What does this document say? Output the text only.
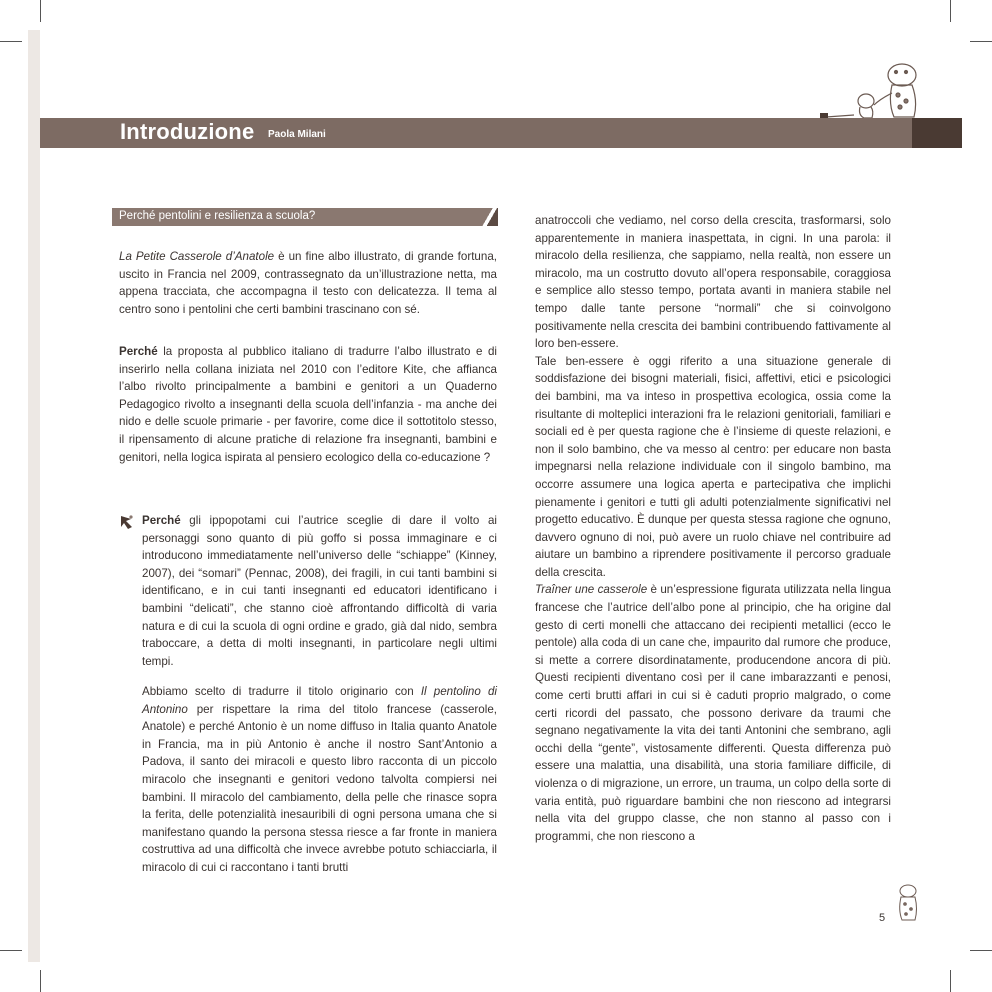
Introduzione Paola Milani
Perché pentolini e resilienza a scuola?

La Petite Casserole d’Anatole è un fine albo illustrato, di grande fortuna, uscito in Francia nel 2009, contrassegnato da un’illustrazione netta, ma appena tracciata, che accompagna il testo con delicatezza. Il tema al centro sono i pentolini che certi bambini trascinano con sé.

Perché la proposta al pubblico italiano di tradurre l’albo illustrato e di inserirlo nella collana iniziata nel 2010 con l’editore Kite, che affianca l’albo rivolto principalmente a bambini e genitori a un Quaderno Pedagogico rivolto a insegnanti della scuola dell’infanzia - ma anche dei nido e delle scuole primarie - per favorire, come dice il sottotitolo stesso, il ripensamento di alcune pratiche di relazione fra insegnanti, bambini e genitori, nella logica ispirata al pensiero ecologico della co-educazione ?

Perché gli ippopotami cui l’autrice sceglie di dare il volto ai personaggi sono quanto di più goffo si possa immaginare e ci introducono immediatamente nell’universo delle “schiappe” (Kinney, 2007), dei “somari” (Pennac, 2008), dei fragili, in cui tanti bambini si identificano, e in cui tanti insegnanti ed educatori identificano i bambini “delicati”, che stanno cioè affrontando difficoltà di varia natura e di cui la scuola di ogni ordine e grado, già dal nido, sembra traboccare, a detta di molti insegnanti, in particolare negli ultimi tempi.

Abbiamo scelto di tradurre il titolo originario con Il pentolino di Antonino per rispettare la rima del titolo francese (casserole, Anatole) e perché Antonio è un nome diffuso in Italia quanto Anatole in Francia, ma in più Antonio è anche il nostro Sant’Antonio a Padova, il santo dei miracoli e questo libro racconta di un piccolo miracolo che insegnanti e genitori vedono talvolta compiersi nei bambini. Il miracolo del cambiamento, della pelle che rinasce sopra la ferita, delle potenzialità inesauribili di ogni persona umana che si manifestano quando la persona stessa riesce a far fronte in maniera costruttiva ad una difficoltà che invece avrebbe potuto schiacciarla, il miracolo di cui ci raccontano i tanti brutti

anatroccoli che vediamo, nel corso della crescita, trasformarsi, solo apparentemente in maniera inaspettata, in cigni. In una parola: il miracolo della resilienza, che sappiamo, nella realtà, non essere un miracolo, ma un costrutto dovuto all’opera responsabile, coraggiosa e semplice allo stesso tempo, portata avanti in maniera stabile nel tempo dalle tante persone “normali” che si coinvolgono positivamente nella crescita dei bambini contribuendo fattivamente al loro ben-essere.

Tale ben-essere è oggi riferito a una situazione generale di soddisfazione dei bisogni materiali, fisici, affettivi, etici e psicologici dei bambini, ma va inteso in prospettiva ecologica, ossia come la risultante di molteplici interazioni fra le relazioni genitoriali, familiari e sociali ed è per questa ragione che è l’insieme di queste relazioni, e non il solo bambino, che va messo al centro: per educare non basta impegnarsi nella relazione individuale con il singolo bambino, ma occorre assumere una logica aperta e partecipativa che implichi pienamente i genitori e tutti gli adulti potenzialmente significativi nel progetto educativo. È dunque per questa stessa ragione che ognuno, davvero ognuno di noi, può avere un ruolo chiave nel contribuire ad aiutare un bambino a riprendere positivamente il percorso graduale della crescita.

Traîner une casserole è un’espressione figurata utilizzata nella lingua francese che l’autrice dell’albo pone al principio, che ha origine dal gesto di certi monelli che attaccano dei recipienti metallici (ecco le pentole) alla coda di un cane che, impaurito dal rumore che produce, si mette a correre disordinatamente, producendone ancora di più. Questi recipienti diventano così per il cane imbarazzanti e penosi, come certi brutti affari in cui si è caduti proprio malgrado, o come certi ricordi del passato, che possono derivare da traumi che segnano negativamente la vita dei tanti Antonini che sembrano, agli occhi della “gente”, vistosamente differenti. Questa differenza può essere una malattia, una disabilità, una storia familiare difficile, di violenza o di migrazione, un errore, un trauma, un colpo della sorte di varia entità, può riguardare bambini che non riescono ad integrarsi nella vita del gruppo classe, che non stanno al passo con i programmi, che non riescono a

5
